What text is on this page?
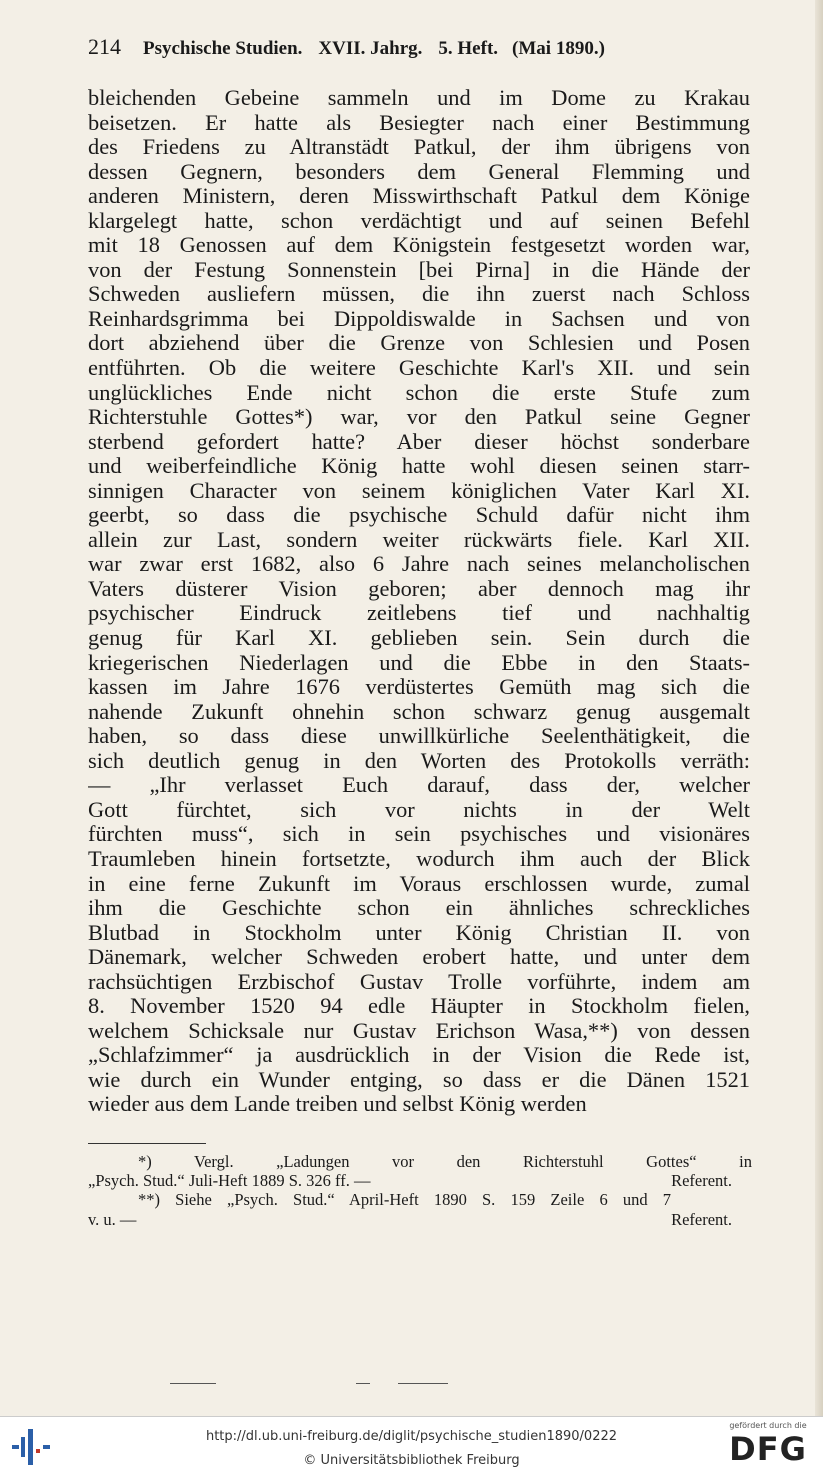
214 Psychische Studien. XVII. Jahrg. 5. Heft. (Mai 1890.)
bleichenden Gebeine sammeln und im Dome zu Krakau
beisetzen. Er hatte als Besiegter nach einer Bestimmung
des Friedens zu Altranstädt Patkul, der ihm übrigens von
dessen Gegnern, besonders dem General Flemming und
anderen Ministern, deren Misswirthschaft Patkul dem Könige
klargelegt hatte, schon verdächtigt und auf seinen Befehl
mit 18 Genossen auf dem Königstein festgesetzt worden war,
von der Festung Sonnenstein [bei Pirna] in die Hände der
Schweden ausliefern müssen, die ihn zuerst nach Schloss
Reinhardsgrimma bei Dippoldiswalde in Sachsen und von
dort abziehend über die Grenze von Schlesien und Posen
entführten. Ob die weitere Geschichte Karl's XII. und sein
unglückliches Ende nicht schon die erste Stufe zum
Richterstuhle Gottes*) war, vor den Patkul seine Gegner
sterbend gefordert hatte? Aber dieser höchst sonderbare
und weiberfeindliche König hatte wohl diesen seinen starr-
sinnigen Character von seinem königlichen Vater Karl XI.
geerbt, so dass die psychische Schuld dafür nicht ihm
allein zur Last, sondern weiter rückwärts fiele. Karl XII.
war zwar erst 1682, also 6 Jahre nach seines melancholischen
Vaters düsterer Vision geboren; aber dennoch mag ihr
psychischer Eindruck zeitlebens tief und nachhaltig
genug für Karl XI. geblieben sein. Sein durch die
kriegerischen Niederlagen und die Ebbe in den Staats-
kassen im Jahre 1676 verdüstertes Gemüth mag sich die
nahende Zukunft ohnehin schon schwarz genug ausgemalt
haben, so dass diese unwillkürliche Seelenthätigkeit, die
sich deutlich genug in den Worten des Protokolls verräth:
— „Ihr verlasset Euch darauf, dass der, welcher
Gott fürchtet, sich vor nichts in der Welt
fürchten muss“, sich in sein psychisches und visionäres
Traumleben hinein fortsetzte, wodurch ihm auch der Blick
in eine ferne Zukunft im Voraus erschlossen wurde, zumal
ihm die Geschichte schon ein ähnliches schreckliches
Blutbad in Stockholm unter König Christian II. von
Dänemark, welcher Schweden erobert hatte, und unter dem
rachsüchtigen Erzbischof Gustav Trolle vorführte, indem am
8. November 1520 94 edle Häupter in Stockholm fielen,
welchem Schicksale nur Gustav Erichson Wasa,**) von dessen
„Schlafzimmer“ ja ausdrücklich in der Vision die Rede ist,
wie durch ein Wunder entging, so dass er die Dänen 1521
wieder aus dem Lande treiben und selbst König werden
*) Vergl. „Ladungen vor den Richterstuhl Gottes“ in
„Psych. Stud.“ Juli-Heft 1889 S. 326 ff. —	Referent.
**) Siehe „Psych. Stud.“ April-Heft 1890 S. 159 Zeile 6 und 7
v. u. —	Referent.
http://dl.ub.uni-freiburg.de/diglit/psychische_studien1890/0222
© Universitätsbibliothek Freiburg
gefördert durch die
DFG
